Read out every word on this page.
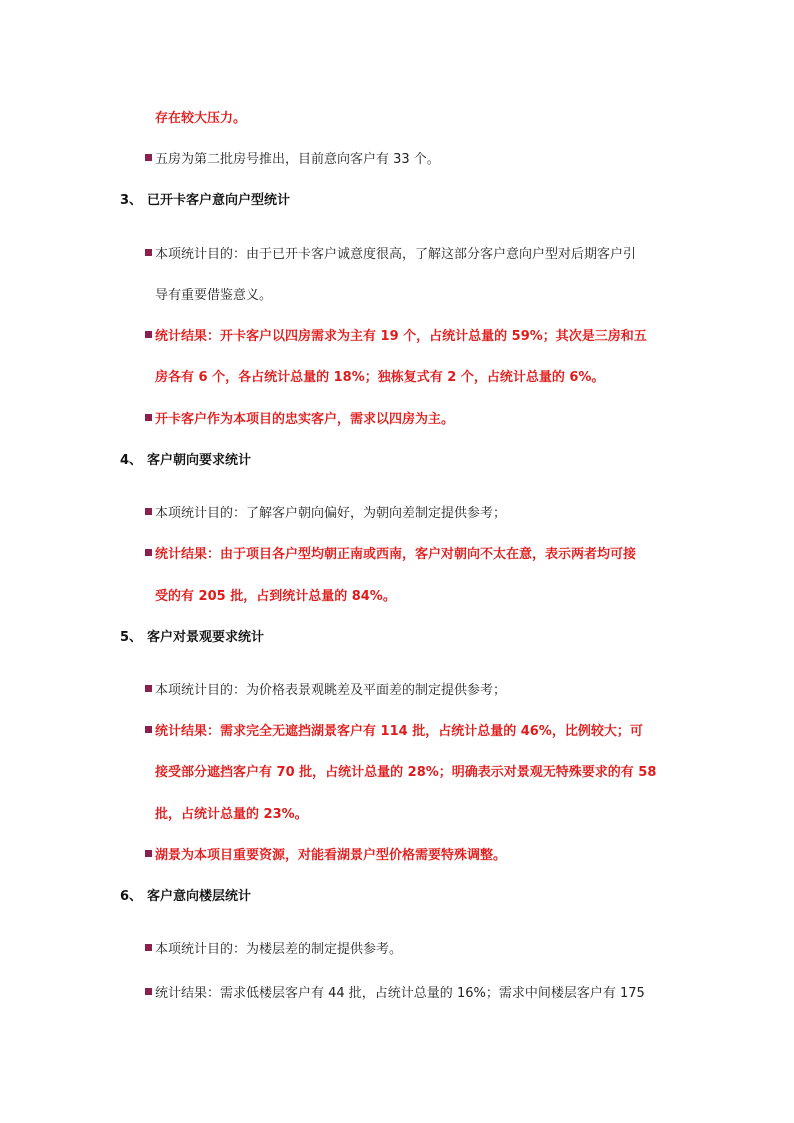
存在较大压力。
五房为第二批房号推出，目前意向客户有 33 个。
3、 已开卡客户意向户型统计
本项统计目的：由于已开卡客户诚意度很高，了解这部分客户意向户型对后期客户引
导有重要借鉴意义。
统计结果：开卡客户以四房需求为主有 19 个，占统计总量的 59%；其次是三房和五
房各有 6 个，各占统计总量的 18%；独栋复式有 2 个，占统计总量的 6%。
开卡客户作为本项目的忠实客户，需求以四房为主。
4、 客户朝向要求统计
本项统计目的：了解客户朝向偏好，为朝向差制定提供参考；
统计结果：由于项目各户型均朝正南或西南，客户对朝向不太在意，表示两者均可接
受的有 205 批，占到统计总量的 84%。
5、 客户对景观要求统计
本项统计目的：为价格表景观眺差及平面差的制定提供参考；
统计结果：需求完全无遮挡湖景客户有 114 批，占统计总量的 46%，比例较大；可
接受部分遮挡客户有 70 批，占统计总量的 28%；明确表示对景观无特殊要求的有 58
批，占统计总量的 23%。
湖景为本项目重要资源，对能看湖景户型价格需要特殊调整。
6、 客户意向楼层统计
本项统计目的：为楼层差的制定提供参考。
统计结果：需求低楼层客户有 44 批，占统计总量的 16%；需求中间楼层客户有 175
